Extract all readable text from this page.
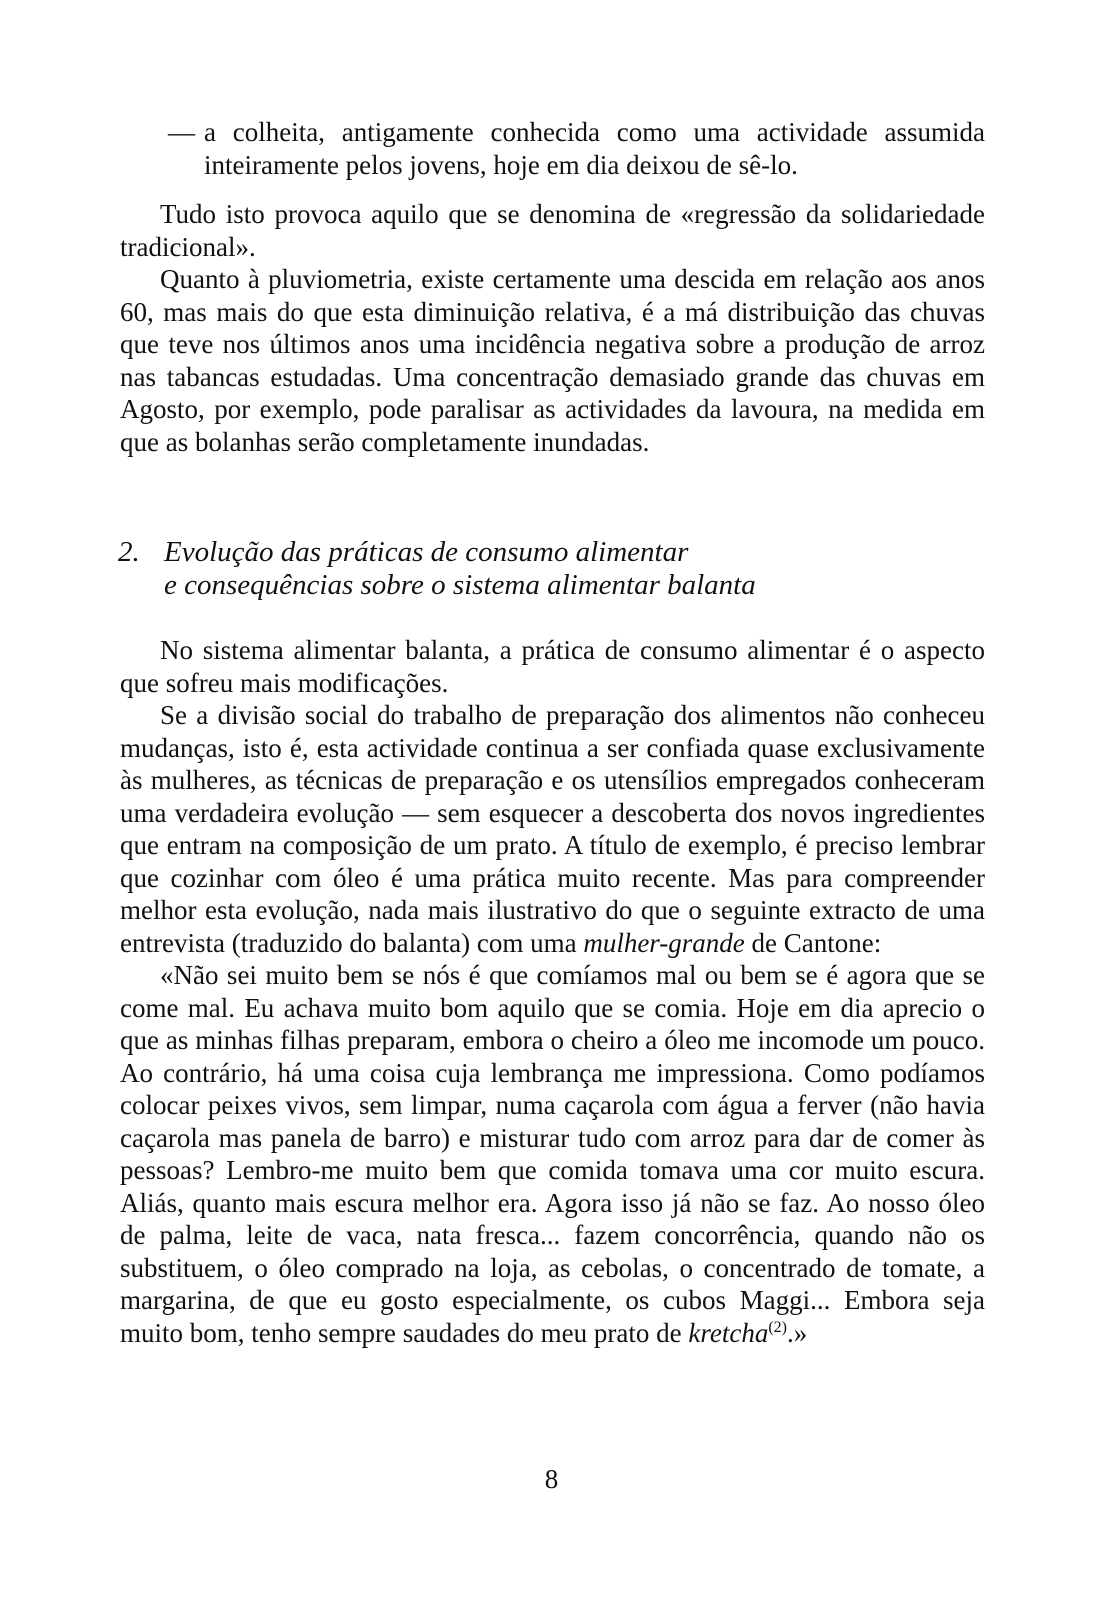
— a colheita, antigamente conhecida como uma actividade assumida inteiramente pelos jovens, hoje em dia deixou de sê-lo.

Tudo isto provoca aquilo que se denomina de «regressão da solidariedade tradicional».

Quanto à pluviometria, existe certamente uma descida em relação aos anos 60, mas mais do que esta diminuição relativa, é a má distribuição das chuvas que teve nos últimos anos uma incidência negativa sobre a produção de arroz nas tabancas estudadas. Uma concentração demasiado grande das chuvas em Agosto, por exemplo, pode paralisar as actividades da lavoura, na medida em que as bolanhas serão completamente inundadas.

2. Evolução das práticas de consumo alimentar
e consequências sobre o sistema alimentar balanta

No sistema alimentar balanta, a prática de consumo alimentar é o aspecto que sofreu mais modificações.

Se a divisão social do trabalho de preparação dos alimentos não conheceu mudanças, isto é, esta actividade continua a ser confiada quase exclusivamente às mulheres, as técnicas de preparação e os utensílios empregados conheceram uma verdadeira evolução — sem esquecer a descoberta dos novos ingredientes que entram na composição de um prato. A título de exemplo, é preciso lembrar que cozinhar com óleo é uma prática muito recente. Mas para compreender melhor esta evolução, nada mais ilustrativo do que o seguinte extracto de uma entrevista (traduzido do balanta) com uma mulher-grande de Cantone:

«Não sei muito bem se nós é que comíamos mal ou bem se é agora que se come mal. Eu achava muito bom aquilo que se comia. Hoje em dia aprecio o que as minhas filhas preparam, embora o cheiro a óleo me incomode um pouco. Ao contrário, há uma coisa cuja lembrança me impressiona. Como podíamos colocar peixes vivos, sem limpar, numa caçarola com água a ferver (não havia caçarola mas panela de barro) e misturar tudo com arroz para dar de comer às pessoas? Lembro-me muito bem que comida tomava uma cor muito escura. Aliás, quanto mais escura melhor era. Agora isso já não se faz. Ao nosso óleo de palma, leite de vaca, nata fresca... fazem concorrência, quando não os substituem, o óleo comprado na loja, as cebolas, o concentrado de tomate, a margarina, de que eu gosto especialmente, os cubos Maggi... Embora seja muito bom, tenho sempre saudades do meu prato de kretcha$^{(2)}$.»

8
